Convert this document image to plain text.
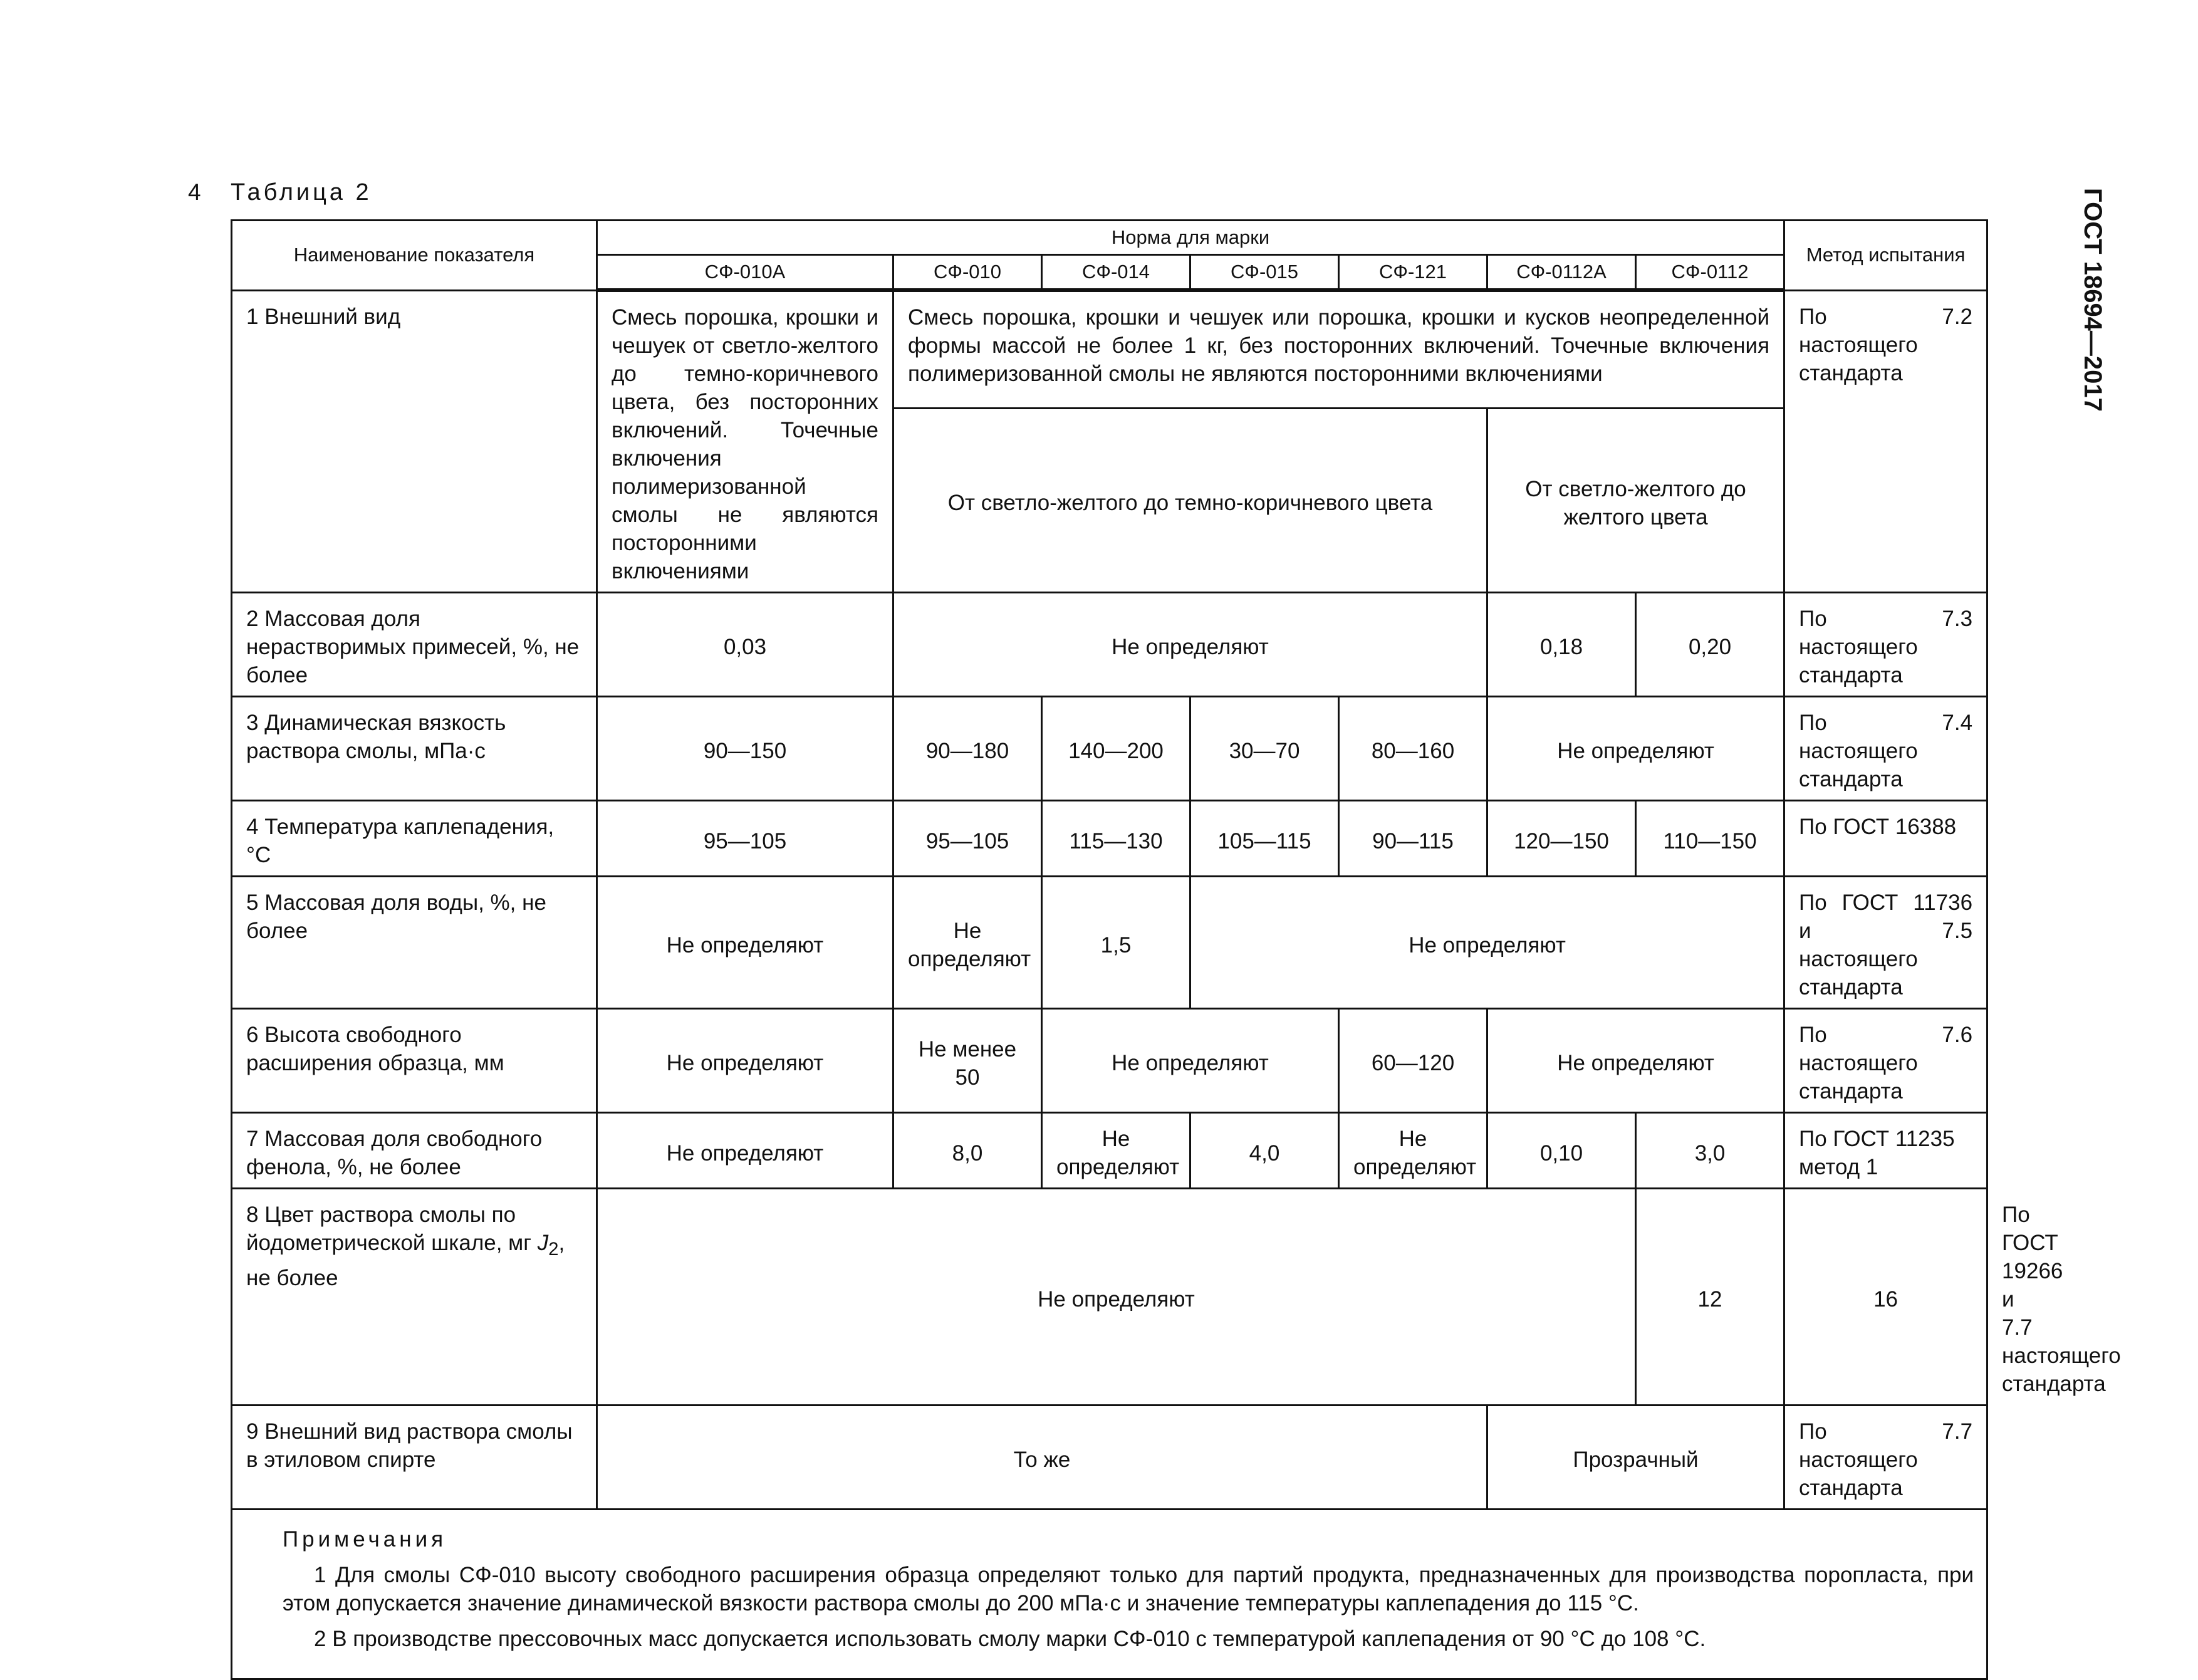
4 Таблица 2	ГОСТ 18694—2017
Наименование показателя	Норма для марки							Метод испытания	
	СФ-010А	СФ-010	СФ-014	СФ-015	СФ-121	СФ-0112А	СФ-0112		
1 Внешний вид	Смесь порошка, крошки и чешуек от светло-желтого до темно-коричневого цвета, без посторонних включений. Точечные включения полимеризованной смолы не являются посторонними включениями	Смесь порошка, крошки и чешуек или порошка, крошки и кусков неопределенной формы массой не более 1 кг, без посторонних включений. Точечные включения полимеризованной смолы не являются посторонними включениями						По 7.2 настоящего стандарта	
		От светло-желтого до темно-коричневого цвета				От светло-желтого до желтого цвета			
2 Массовая доля нерастворимых примесей, %, не более	0,03	Не определяют				0,18	0,20	По 7.3 настоящего стандарта	
3 Динамическая вязкость раствора смолы, мПа·с	90—150	90—180	140—200	30—70	80—160	Не определяют		По 7.4 настоящего стандарта	
4 Температура каплепадения, °С	95—105	95—105	115—130	105—115	90—115	120—150	110—150	По ГОСТ 16388	
5 Массовая доля воды, %, не более	Не определяют	Не определяют	1,5	Не определяют				По ГОСТ 11736 и 7.5 настоящего стандарта	
6 Высота свободного расширения образца, мм	Не определяют	Не менее 50	Не определяют		60—120	Не определяют		По 7.6 настоящего стандарта	
7 Массовая доля свободного фенола, %, не более	Не определяют	8,0	Не определяют	4,0	Не определяют	0,10	3,0	По ГОСТ 11235 метод 1	
8 Цвет раствора смолы по йодометрической шкале, мг $J_2$, не более	Не определяют						12	16	По ГОСТ 19266 и 7.7 настоящего стандарта
9 Внешний вид раствора смолы в этиловом спирте	То же					Прозрачный		По 7.7 настоящего стандарта	

Примечания
1 Для смолы СФ-010 высоту свободного расширения образца определяют только для партий продукта, предназначенных для производства поропласта, при этом допускается значение динамической вязкости раствора смолы до 200 мПа·с и значение температуры каплепадения до 115 °С.
2 В производстве прессовочных масс допускается использовать смолу марки СФ-010 с температурой каплепадения от 90 °С до 108 °С.									
